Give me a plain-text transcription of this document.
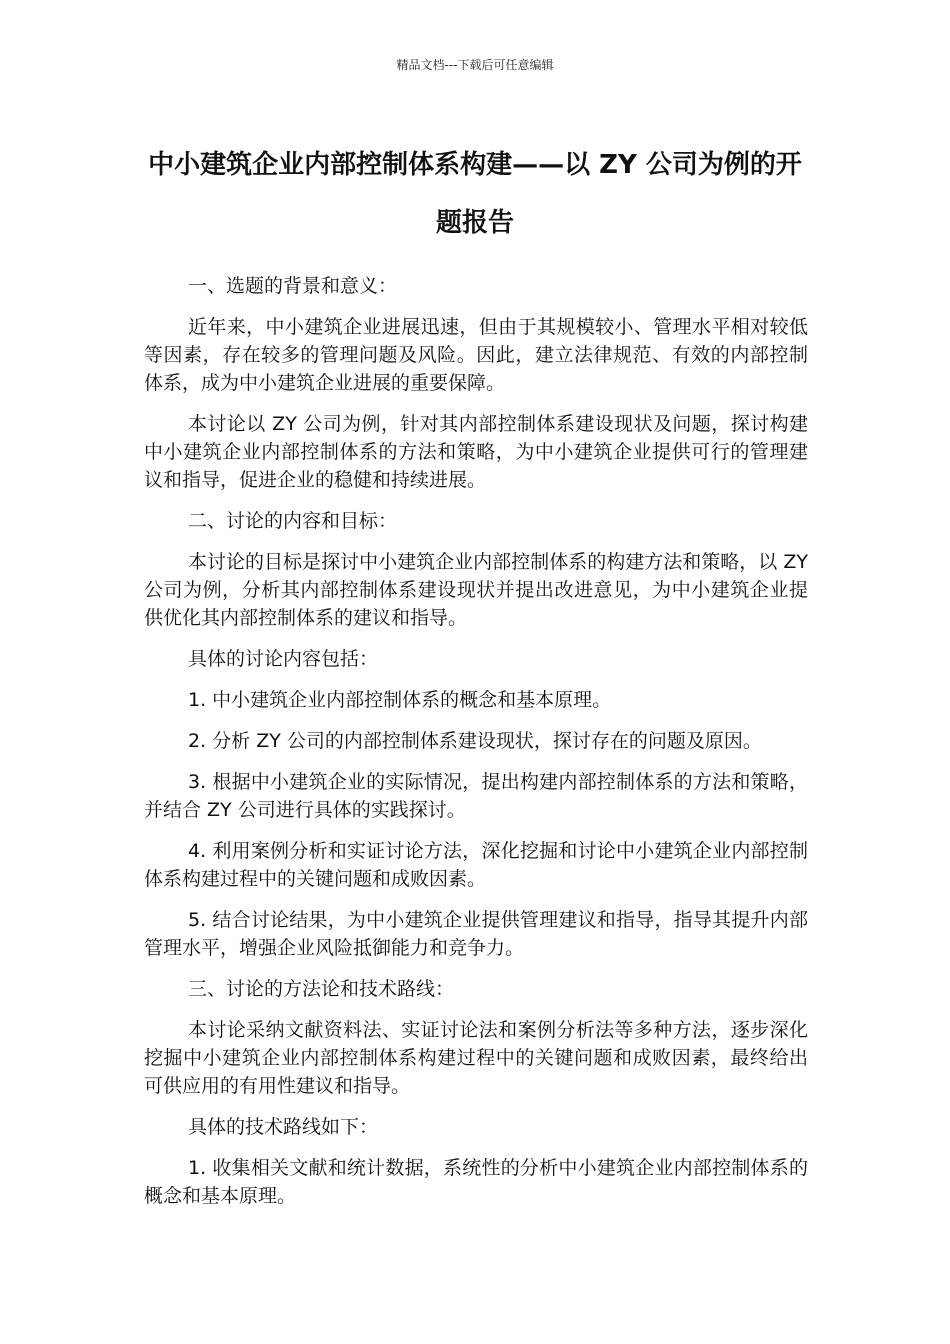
精品文档---下载后可任意编辑
中小建筑企业内部控制体系构建——以 ZY 公司为例的开题报告

一、选题的背景和意义：

近年来，中小建筑企业进展迅速，但由于其规模较小、管理水平相对较低等因素，存在较多的管理问题及风险。因此，建立法律规范、有效的内部控制体系，成为中小建筑企业进展的重要保障。

本讨论以 ZY 公司为例，针对其内部控制体系建设现状及问题，探讨构建中小建筑企业内部控制体系的方法和策略，为中小建筑企业提供可行的管理建议和指导，促进企业的稳健和持续进展。

二、讨论的内容和目标：

本讨论的目标是探讨中小建筑企业内部控制体系的构建方法和策略，以 ZY 公司为例，分析其内部控制体系建设现状并提出改进意见，为中小建筑企业提供优化其内部控制体系的建议和指导。

具体的讨论内容包括：

1. 中小建筑企业内部控制体系的概念和基本原理。

2. 分析 ZY 公司的内部控制体系建设现状，探讨存在的问题及原因。

3. 根据中小建筑企业的实际情况，提出构建内部控制体系的方法和策略，并结合 ZY 公司进行具体的实践探讨。

4. 利用案例分析和实证讨论方法，深化挖掘和讨论中小建筑企业内部控制体系构建过程中的关键问题和成败因素。

5. 结合讨论结果，为中小建筑企业提供管理建议和指导，指导其提升内部管理水平，增强企业风险抵御能力和竞争力。

三、讨论的方法论和技术路线：

本讨论采纳文献资料法、实证讨论法和案例分析法等多种方法，逐步深化挖掘中小建筑企业内部控制体系构建过程中的关键问题和成败因素，最终给出可供应用的有用性建议和指导。

具体的技术路线如下：

1. 收集相关文献和统计数据，系统性的分析中小建筑企业内部控制体系的概念和基本原理。
